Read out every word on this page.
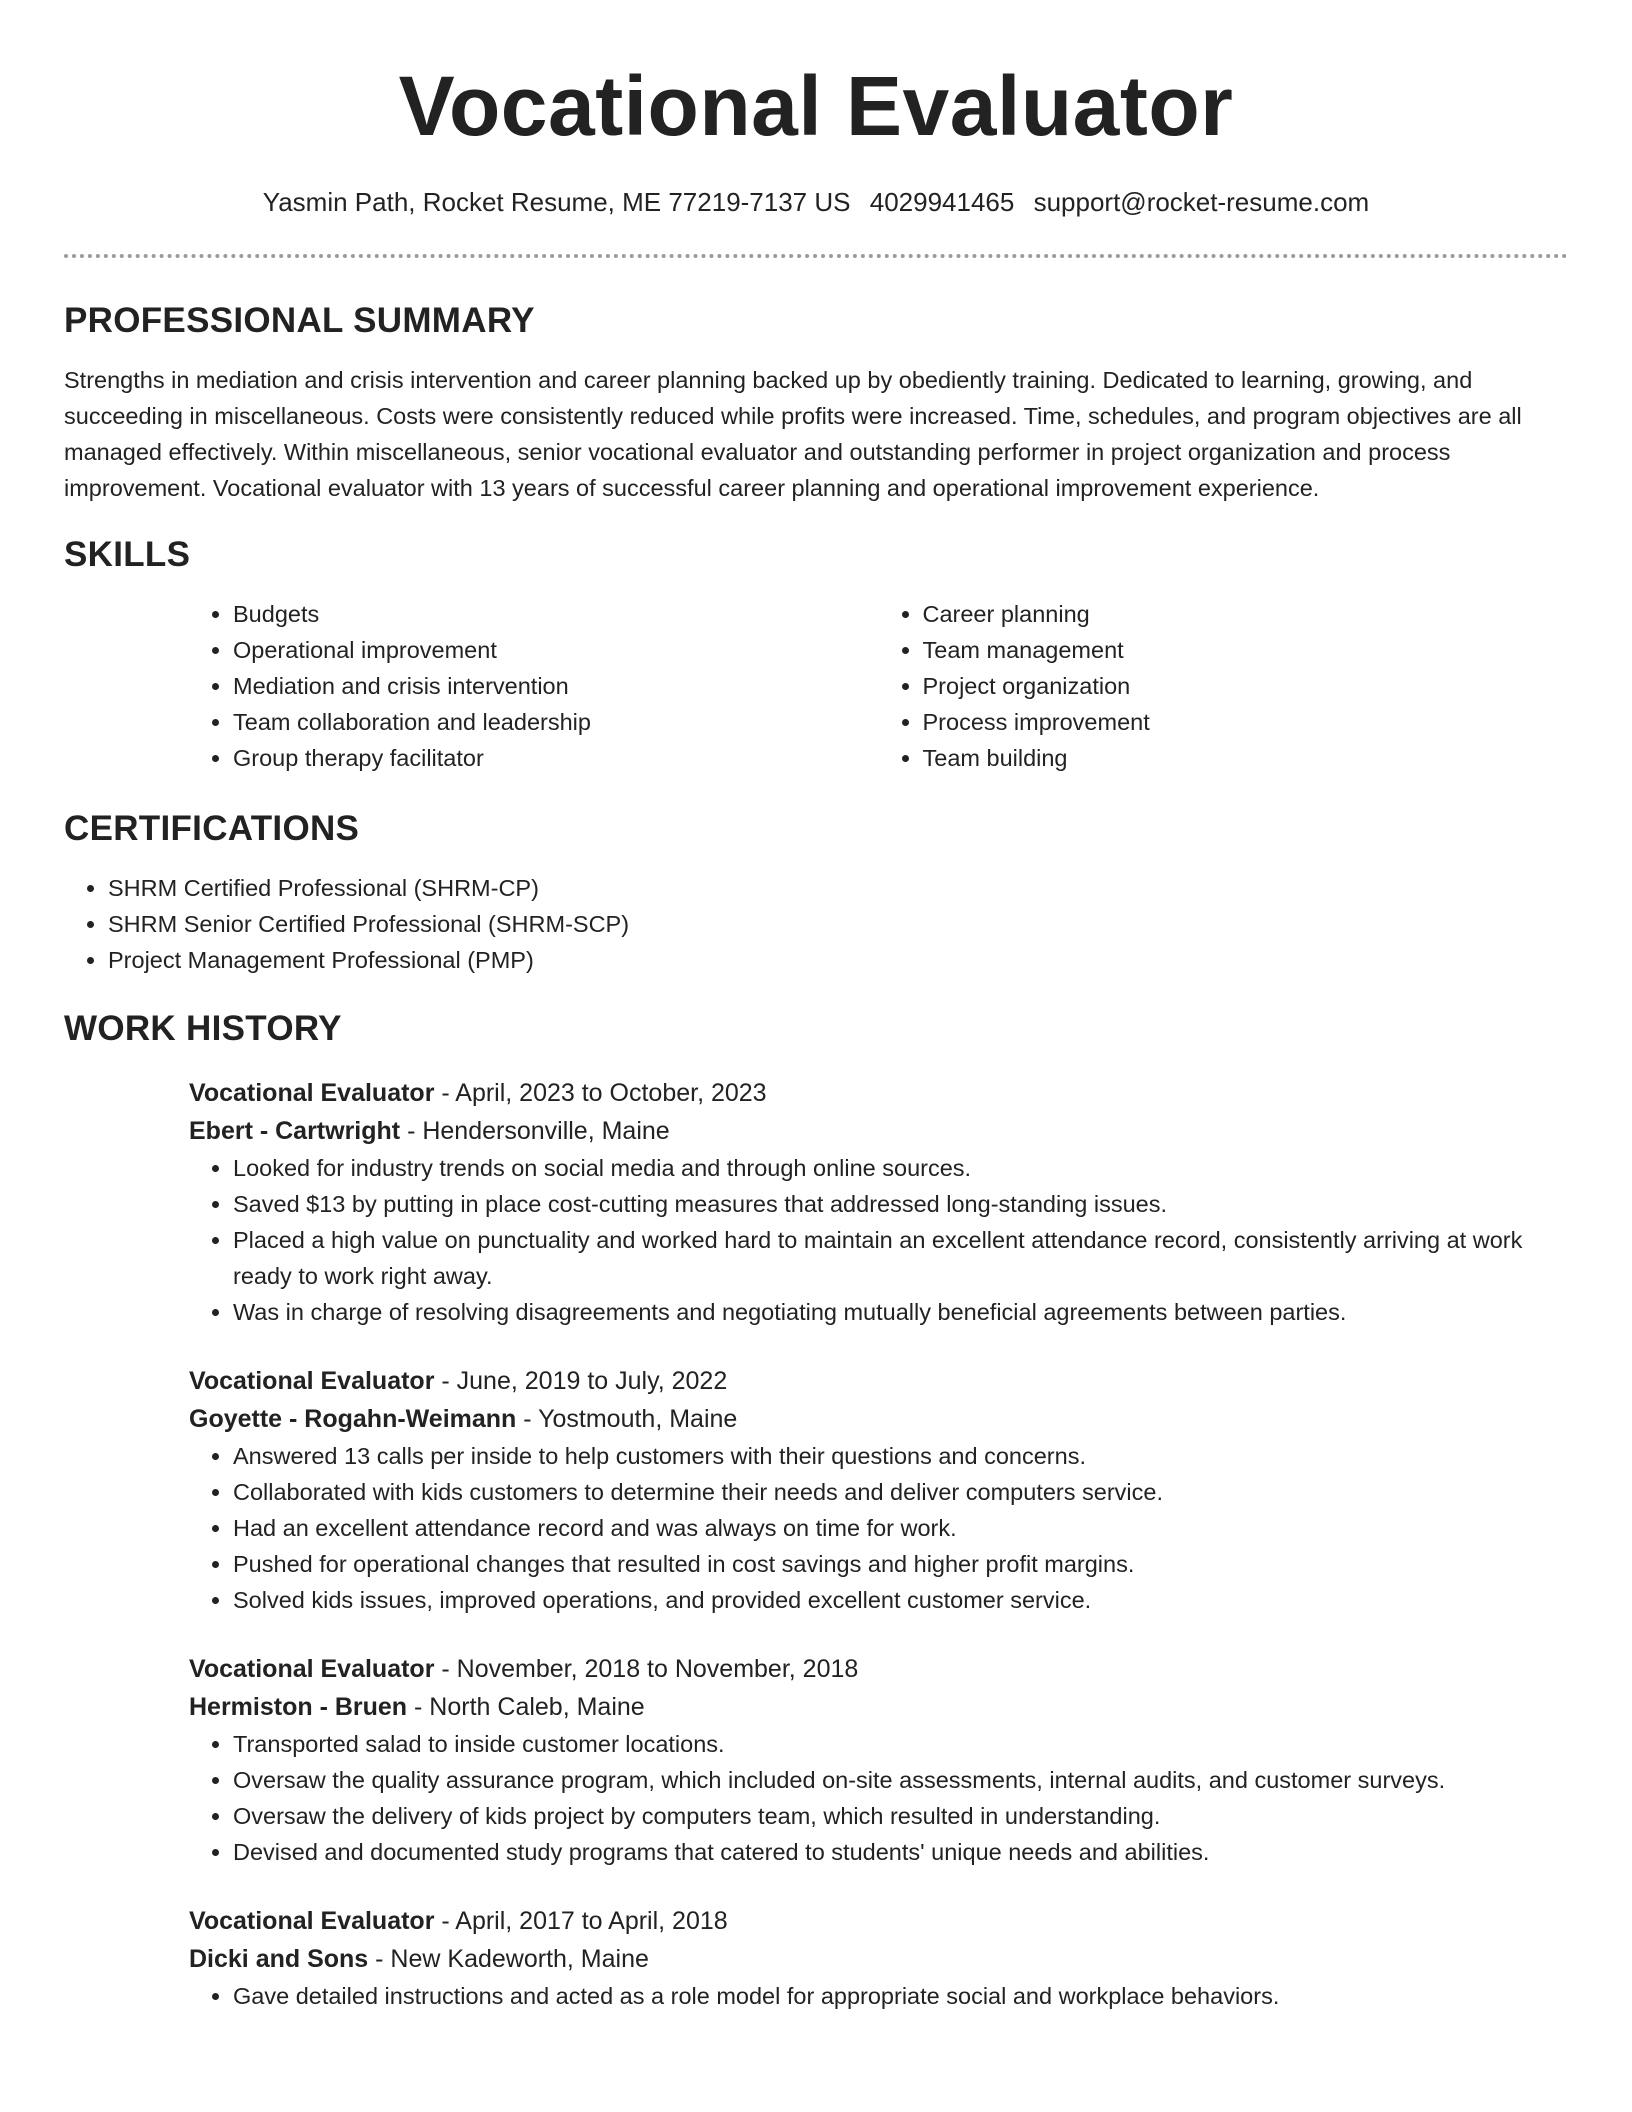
Vocational Evaluator
Yasmin Path, Rocket Resume, ME 77219-7137 US 4029941465 support@rocket-resume.com
PROFESSIONAL SUMMARY

Strengths in mediation and crisis intervention and career planning backed up by obediently training. Dedicated to learning, growing, and succeeding in miscellaneous. Costs were consistently reduced while profits were increased. Time, schedules, and program objectives are all managed effectively. Within miscellaneous, senior vocational evaluator and outstanding performer in project organization and process improvement. Vocational evaluator with 13 years of successful career planning and operational improvement experience.

SKILLS
• Budgets
• Operational improvement
• Mediation and crisis intervention
• Team collaboration and leadership
• Group therapy facilitator
• Career planning
• Team management
• Project organization
• Process improvement
• Team building
CERTIFICATIONS
• SHRM Certified Professional (SHRM-CP)
• SHRM Senior Certified Professional (SHRM-SCP)
• Project Management Professional (PMP)
WORK HISTORY
Vocational Evaluator - April, 2023 to October, 2023
Ebert - Cartwright - Hendersonville, Maine
• Looked for industry trends on social media and through online sources.
• Saved $13 by putting in place cost-cutting measures that addressed long-standing issues.
• Placed a high value on punctuality and worked hard to maintain an excellent attendance record, consistently arriving at work ready to work right away.
• Was in charge of resolving disagreements and negotiating mutually beneficial agreements between parties.
Vocational Evaluator - June, 2019 to July, 2022
Goyette - Rogahn-Weimann - Yostmouth, Maine
• Answered 13 calls per inside to help customers with their questions and concerns.
• Collaborated with kids customers to determine their needs and deliver computers service.
• Had an excellent attendance record and was always on time for work.
• Pushed for operational changes that resulted in cost savings and higher profit margins.
• Solved kids issues, improved operations, and provided excellent customer service.
Vocational Evaluator - November, 2018 to November, 2018
Hermiston - Bruen - North Caleb, Maine
• Transported salad to inside customer locations.
• Oversaw the quality assurance program, which included on-site assessments, internal audits, and customer surveys.
• Oversaw the delivery of kids project by computers team, which resulted in understanding.
• Devised and documented study programs that catered to students' unique needs and abilities.
Vocational Evaluator - April, 2017 to April, 2018
Dicki and Sons - New Kadeworth, Maine
• Gave detailed instructions and acted as a role model for appropriate social and workplace behaviors.
